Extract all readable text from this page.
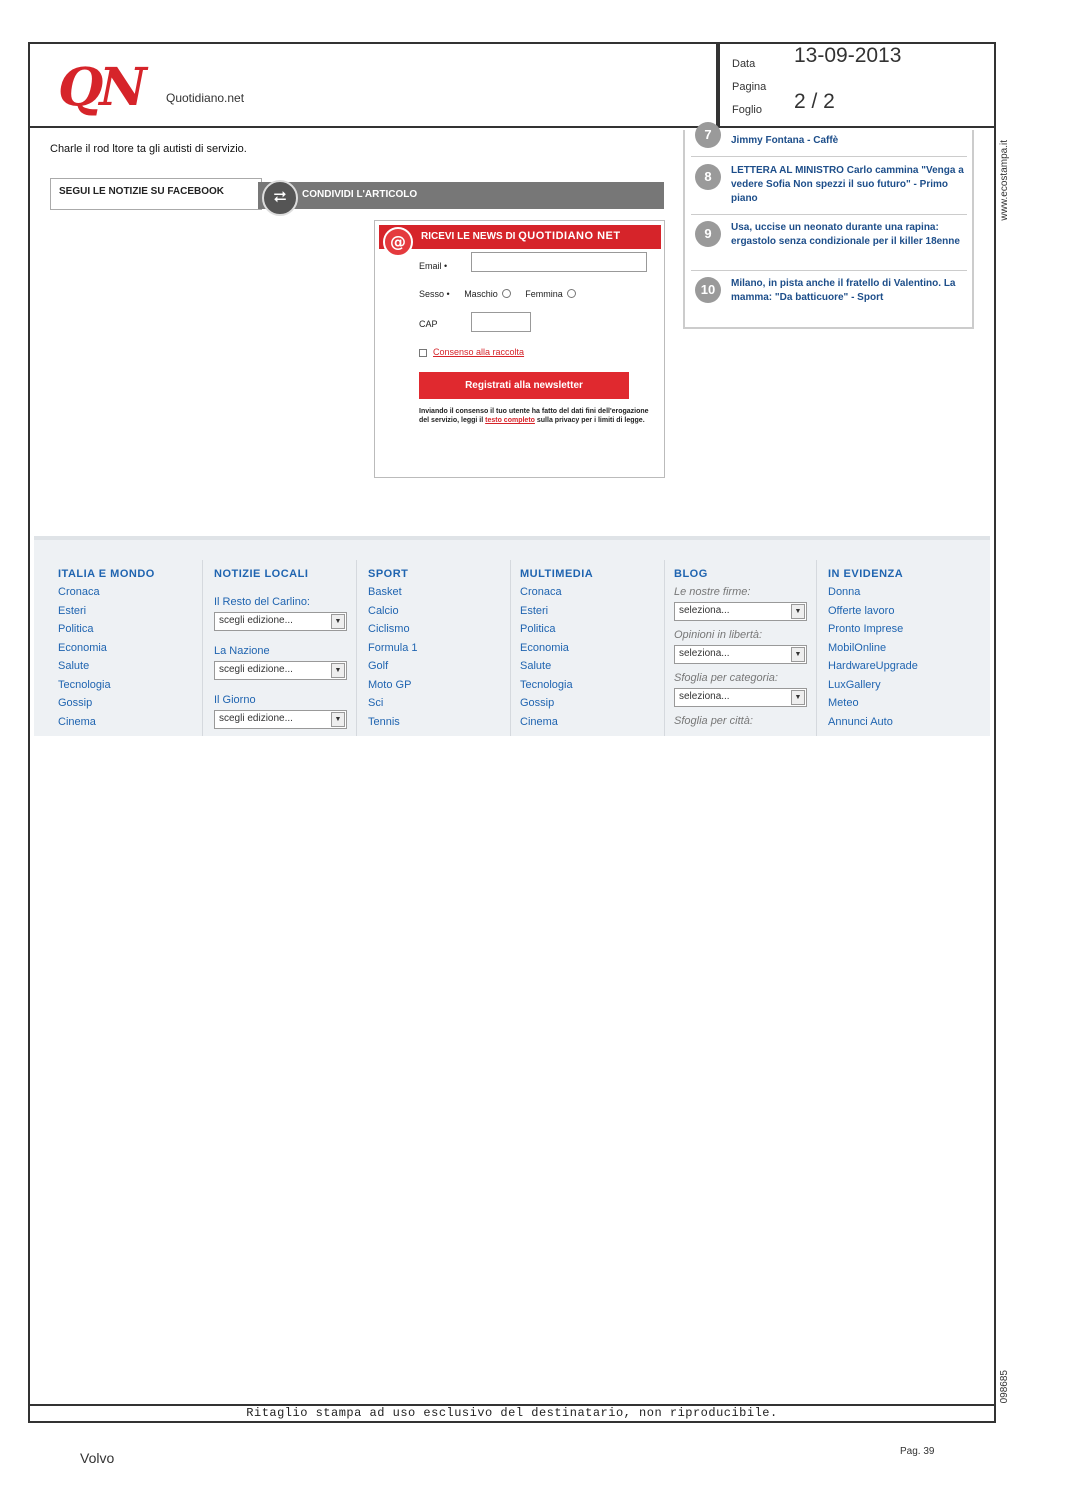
QN Quotidiano.net
Data 13-09-2013
Pagina
Foglio 2 / 2
www.ecostampa.it
098685
Charle il rod ltore ta gli autisti di servizio.
SEGUI LE NOTIZIE SU FACEBOOK	CONDIVIDI L'ARTICOLO
⮂
RICEVI LE NEWS DI QUOTIDIANO NET
@
Email •
Sesso • Maschio	Femmina
CAP
Consenso alla raccolta
Registrati alla newsletter
Inviando il consenso il tuo utente ha fatto del dati fini dell'erogazione del servizio, leggi il testo completo sulla privacy per i limiti di legge.
7	Jimmy Fontana - Caffè
8	LETTERA AL MINISTRO Carlo cammina "Venga a vedere Sofia Non spezzi il suo futuro" - Primo piano
9	Usa, uccise un neonato durante una rapina: ergastolo senza condizionale per il killer 18enne
10	Milano, in pista anche il fratello di Valentino. La mamma: "Da batticuore" - Sport
ITALIA E MONDO
Cronaca
Esteri
Politica
Economia
Salute
Tecnologia
Gossip
Cinema
NOTIZIE LOCALI
Il Resto del Carlino:
scegli edizione...	▼
La Nazione
scegli edizione...	▼
Il Giorno
scegli edizione...	▼
SPORT
Basket
Calcio
Ciclismo
Formula 1
Golf
Moto GP
Sci
Tennis
MULTIMEDIA
Cronaca
Esteri
Politica
Economia
Salute
Tecnologia
Gossip
Cinema
BLOG
Le nostre firme:
seleziona...	▼
Opinioni in libertà:
seleziona...	▼
Sfoglia per categoria:
seleziona...	▼
Sfoglia per città:
IN EVIDENZA
Donna
Offerte lavoro
Pronto Imprese
MobilOnline
HardwareUpgrade
LuxGallery
Meteo
Annunci Auto
Ritaglio stampa ad uso esclusivo del destinatario, non riproducibile.
Volvo	Pag. 39
